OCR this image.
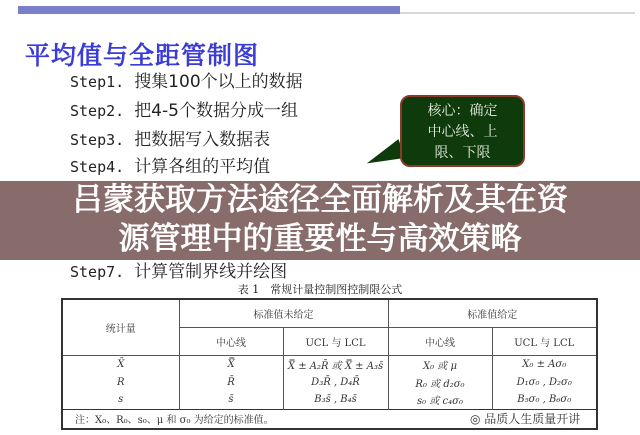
平均值与全距管制图
Step1. 搜集100个以上的数据
Step2. 把4-5个数据分成一组
Step3. 把数据写入数据表
Step4. 计算各组的平均值
Step7. 计算管制界线并绘图
核心：确定
中心线、上
限、下限
吕蒙获取方法途径全面解析及其在资
源管理中的重要性与高效策略
表 1　常规计量控制图控制限公式
统计量	标准值未给定		标准值给定	
	中心线	UCL 与 LCL	中心线	UCL 与 LCL
X̄	X̿	X̿ ± A₂R̄ 或 X̿ ± A₃s̄	X₀ 或 μ	X₀ ± Aσ₀
R	R̄	D₃R̄ , D₄R̄	R₀ 或 d₂σ₀	D₁σ₀ , D₂σ₀
s	s̄	B₃s̄ , B₄s̄	s₀ 或 c₄σ₀	B₅σ₀ , B₆σ₀
注：X₀、R₀、s₀、μ 和 σ₀ 为给定的标准值。					◎ 品质人生质量开讲
